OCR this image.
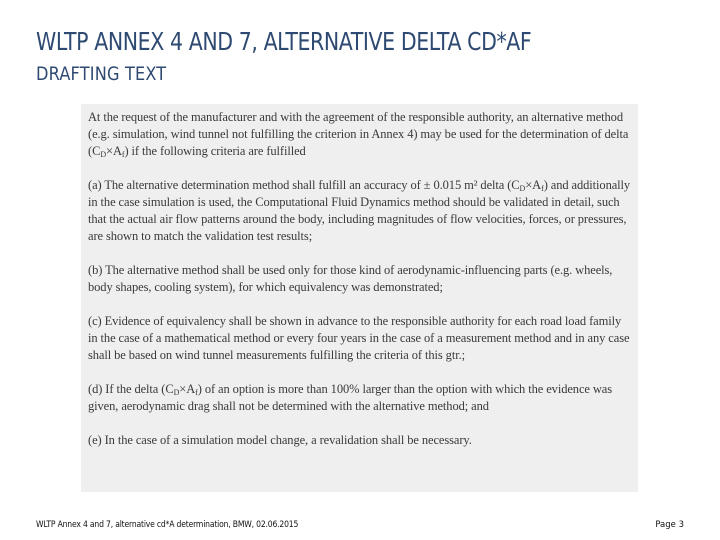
WLTP ANNEX 4 AND 7, ALTERNATIVE DELTA CD*AF
DRAFTING TEXT

At the request of the manufacturer and with the agreement of the responsible authority, an alternative method (e.g. simulation, wind tunnel not fulfilling the criterion in Annex 4) may be used for the determination of delta $(C_D\times A_f)$ if the following criteria are fulfilled

(a) The alternative determination method shall fulfill an accuracy of ± 0.015 m² delta $(C_D\times A_f)$ and additionally in the case simulation is used, the Computational Fluid Dynamics method should be validated in detail, such that the actual air flow patterns around the body, including magnitudes of flow velocities, forces, or pressures, are shown to match the validation test results;

(b) The alternative method shall be used only for those kind of aerodynamic-influencing parts (e.g. wheels, body shapes, cooling system), for which equivalency was demonstrated;

(c) Evidence of equivalency shall be shown in advance to the responsible authority for each road load family in the case of a mathematical method or every four years in the case of a measurement method and in any case shall be based on wind tunnel measurements fulfilling the criteria of this gtr.;

(d) If the delta $(C_D\times A_f)$ of an option is more than 100% larger than the option with which the evidence was given, aerodynamic drag shall not be determined with the alternative method; and

(e) In the case of a simulation model change, a revalidation shall be necessary.

WLTP Annex 4 and 7, alternative cd*A determination, BMW, 02.06.2015	Page 3
